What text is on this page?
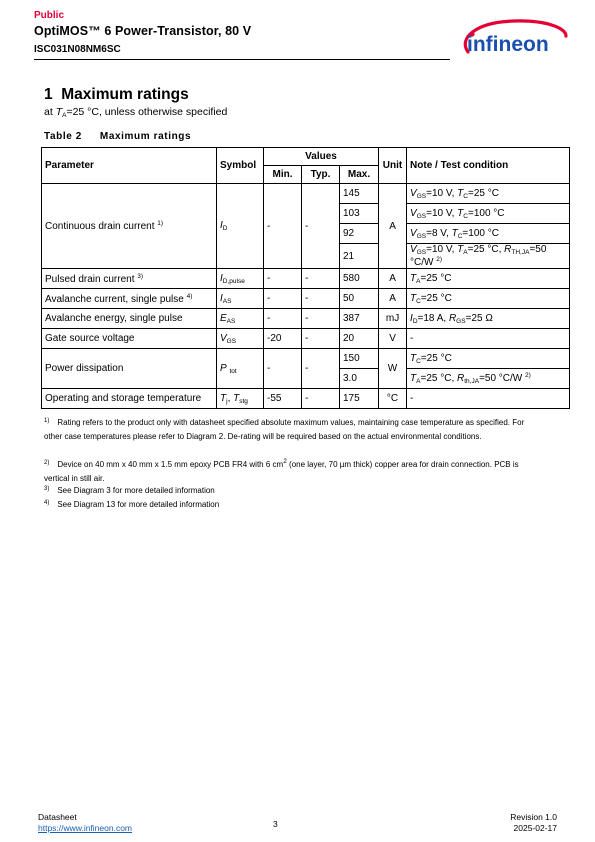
Public
OptiMOS™ 6 Power-Transistor, 80 V
ISC031N08NM6SC	infineon
1 Maximum ratings
at $T_A=25$ °C, unless otherwise specified
Table 2 Maximum ratings
Parameter	Symbol	Values			Unit	Note / Test condition
		Min.	Typ.	Max.		
Continuous drain current $^{1)}$	$I_D$	-	-	145	A	$V_{GS}=10$ V, $T_C=25$ °C
				103		$V_{GS}=10$ V, $T_C=100$ °C
				92		$V_{GS}=8$ V, $T_C=100$ °C
				21		$V_{GS}=10$ V, $T_A=25$ °C, $R_{TH,JA}=50$ °C/W $^{2)}$
Pulsed drain current $^{3)}$	$I_{D,pulse}$	-	-	580	A	$T_A=25$ °C
Avalanche current, single pulse $^{4)}$	$I_{AS}$	-	-	50	A	$T_C=25$ °C
Avalanche energy, single pulse	$E_{AS}$	-	-	387	mJ	$I_D=18$ A, $R_{GS}=25$ Ω
Gate source voltage	$V_{GS}$	-20	-	20	V	-
Power dissipation	P $_{tot}$	-	-	150	W	$T_C=25$ °C
				3.0		$T_A=25$ °C, $R_{th,JA}=50$ °C/W $^{2)}$
Operating and storage temperature	$T_j$, $T_{stg}$	-55	-	175	°C	-
$^{1)}$ Rating refers to the product only with datasheet specified absolute maximum values, maintaining case temperature as specified. For other case temperatures please refer to Diagram 2. De-rating will be required based on the actual environmental conditions.
$^{2)}$ Device on 40 mm x 40 mm x 1.5 mm epoxy PCB FR4 with 6 $cm^2$ (one layer, 70 µm thick) copper area for drain connection. PCB is vertical in still air.
$^{3)}$ See Diagram 3 for more detailed information
$^{4)}$ See Diagram 13 for more detailed information
Datasheet
https://www.infineon.com	3
Revision 1.0
2025-02-17
